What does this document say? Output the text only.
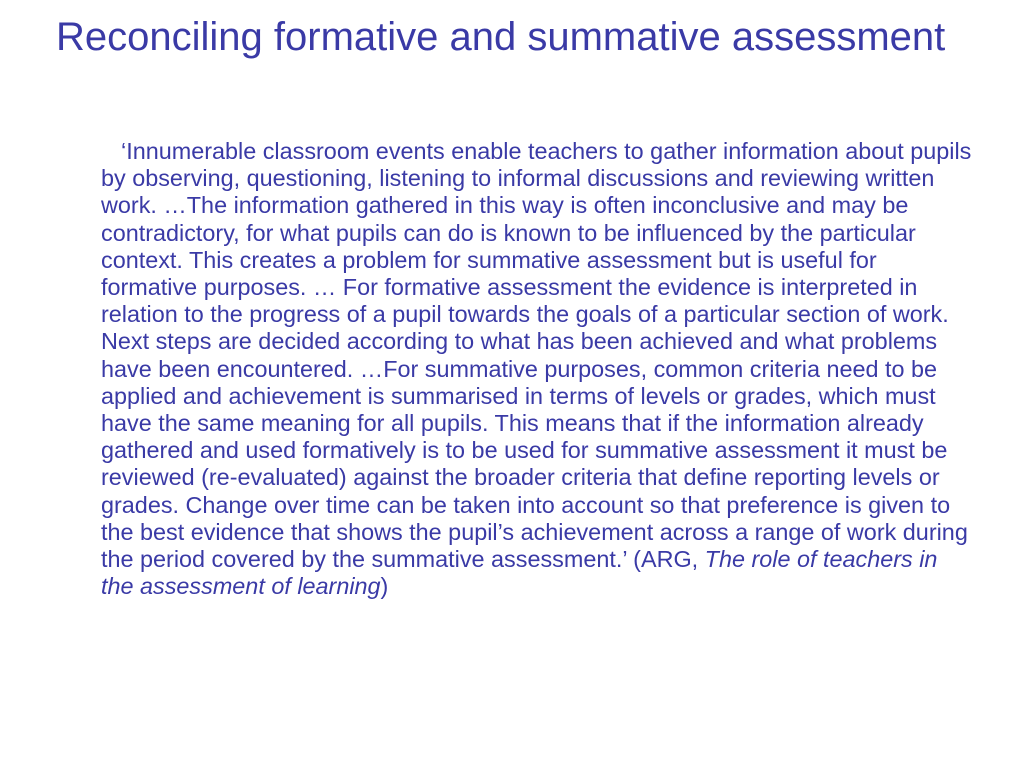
Reconciling formative and summative assessment

‘Innumerable classroom events enable teachers to gather information about pupils by observing, questioning, listening to informal discussions and reviewing written work. …The information gathered in this way is often inconclusive and may be contradictory, for what pupils can do is known to be influenced by the particular context. This creates a problem for summative assessment but is useful for formative purposes. … For formative assessment the evidence is interpreted in relation to the progress of a pupil towards the goals of a particular section of work. Next steps are decided according to what has been achieved and what problems have been encountered. …For summative purposes, common criteria need to be applied and achievement is summarised in terms of levels or grades, which must have the same meaning for all pupils. This means that if the information already gathered and used formatively is to be used for summative assessment it must be reviewed (re-evaluated) against the broader criteria that define reporting levels or grades. Change over time can be taken into account so that preference is given to the best evidence that shows the pupil’s achievement across a range of work during the period covered by the summative assessment.’ (ARG, The role of teachers in the assessment of learning)
